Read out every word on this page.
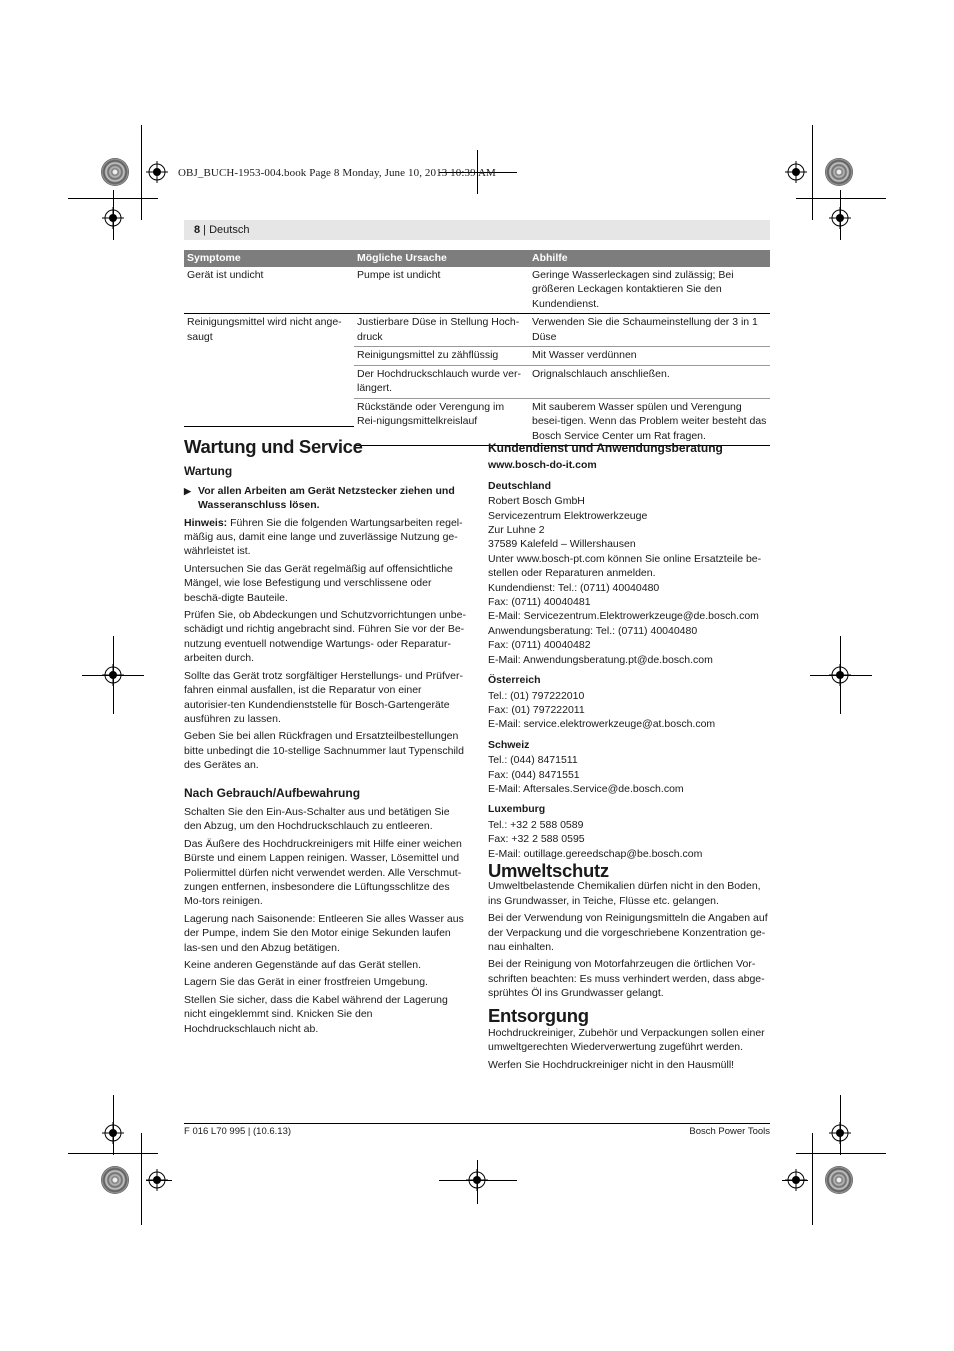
OBJ_BUCH-1953-004.book Page 8 Monday, June 10, 2013 10:39 AM
8 | Deutsch
Symptome	Mögliche Ursache	Abhilfe
Gerät ist undicht	Pumpe ist undicht	Geringe Wasserleckagen sind zulässig; Bei größeren Leckagen kontaktieren Sie den Kundendienst.
Reinigungsmittel wird nicht ange-saugt	Justierbare Düse in Stellung Hoch-druck	Verwenden Sie die Schaumeinstellung der 3 in 1 Düse
	Reinigungsmittel zu zähflüssig	Mit Wasser verdünnen
	Der Hochdruckschlauch wurde ver-längert.	Orignalschlauch anschließen.
	Rückstände oder Verengung im Rei-nigungsmittelkreislauf	Mit sauberem Wasser spülen und Verengung besei-tigen. Wenn das Problem weiter besteht das Bosch Service Center um Rat fragen.
Wartung und Service
Wartung
▶ Vor allen Arbeiten am Gerät Netzstecker ziehen und Wasseranschluss lösen.

Hinweis: Führen Sie die folgenden Wartungsarbeiten regel-mäßig aus, damit eine lange und zuverlässige Nutzung ge-währleistet ist.

Untersuchen Sie das Gerät regelmäßig auf offensichtliche Mängel, wie lose Befestigung und verschlissene oder beschä-digte Bauteile.

Prüfen Sie, ob Abdeckungen und Schutzvorrichtungen unbe-schädigt und richtig angebracht sind. Führen Sie vor der Be-nutzung eventuell notwendige Wartungs- oder Reparatur-arbeiten durch.

Sollte das Gerät trotz sorgfältiger Herstellungs- und Prüfver-fahren einmal ausfallen, ist die Reparatur von einer autorisier-ten Kundendienststelle für Bosch-Gartengeräte ausführen zu lassen.

Geben Sie bei allen Rückfragen und Ersatzteilbestellungen bitte unbedingt die 10-stellige Sachnummer laut Typenschild des Gerätes an.

Nach Gebrauch/Aufbewahrung

Schalten Sie den Ein-Aus-Schalter aus und betätigen Sie den Abzug, um den Hochdruckschlauch zu entleeren.

Das Äußere des Hochdruckreinigers mit Hilfe einer weichen Bürste und einem Lappen reinigen. Wasser, Lösemittel und Poliermittel dürfen nicht verwendet werden. Alle Verschmut-zungen entfernen, insbesondere die Lüftungsschlitze des Mo-tors reinigen.

Lagerung nach Saisonende: Entleeren Sie alles Wasser aus der Pumpe, indem Sie den Motor einige Sekunden laufen las-sen und den Abzug betätigen.

Keine anderen Gegenstände auf das Gerät stellen.

Lagern Sie das Gerät in einer frostfreien Umgebung.

Stellen Sie sicher, dass die Kabel während der Lagerung nicht eingeklemmt sind. Knicken Sie den Hochdruckschlauch nicht ab.

Kundendienst und Anwendungsberatung
www.bosch-do-it.com
Deutschland
Robert Bosch GmbH
Servicezentrum Elektrowerkzeuge
Zur Luhne 2
37589 Kalefeld – Willershausen
Unter www.bosch-pt.com können Sie online Ersatzteile be-stellen oder Reparaturen anmelden.
Kundendienst: Tel.: (0711) 40040480
Fax: (0711) 40040481
E-Mail: Servicezentrum.Elektrowerkzeuge@de.bosch.com
Anwendungsberatung: Tel.: (0711) 40040480
Fax: (0711) 40040482
E-Mail: Anwendungsberatung.pt@de.bosch.com
Österreich
Tel.: (01) 797222010
Fax: (01) 797222011
E-Mail: service.elektrowerkzeuge@at.bosch.com
Schweiz
Tel.: (044) 8471511
Fax: (044) 8471551
E-Mail: Aftersales.Service@de.bosch.com
Luxemburg
Tel.: +32 2 588 0589
Fax: +32 2 588 0595
E-Mail: outillage.gereedschap@be.bosch.com
Umweltschutz

Umweltbelastende Chemikalien dürfen nicht in den Boden, ins Grundwasser, in Teiche, Flüsse etc. gelangen.

Bei der Verwendung von Reinigungsmitteln die Angaben auf der Verpackung und die vorgeschriebene Konzentration ge-nau einhalten.

Bei der Reinigung von Motorfahrzeugen die örtlichen Vor-schriften beachten: Es muss verhindert werden, dass abge-sprühtes Öl ins Grundwasser gelangt.

Entsorgung

Hochdruckreiniger, Zubehör und Verpackungen sollen einer umweltgerechten Wiederverwertung zugeführt werden.

Werfen Sie Hochdruckreiniger nicht in den Hausmüll!

F 016 L70 995 | (10.6.13)	Bosch Power Tools
